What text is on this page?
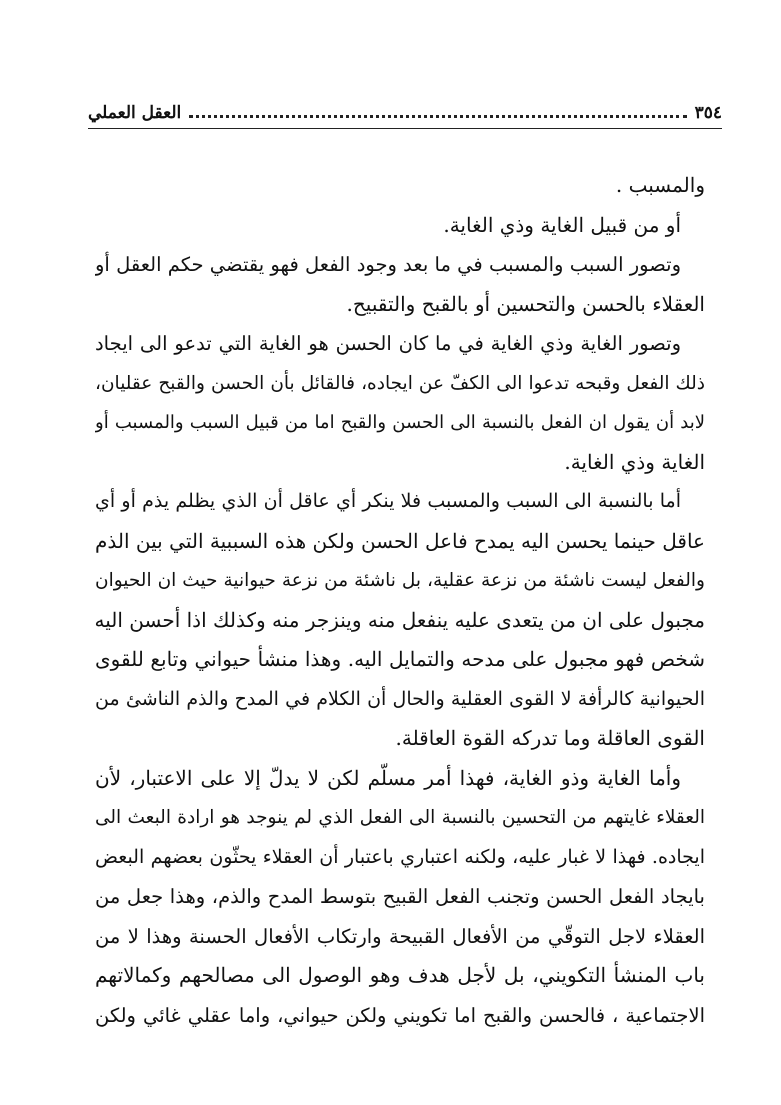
٣٥٤
العقل العملي
والمسبب .
أو من قبيل الغاية وذي الغاية.
وتصور السبب والمسبب في ما بعد وجود الفعل فهو يقتضي حكم العقل أو
العقلاء بالحسن والتحسين أو بالقبح والتقبيح.
وتصور الغاية وذي الغاية في ما كان الحسن هو الغاية التي تدعو الى ايجاد
ذلك الفعل وقبحه تدعوا الى الكفّ عن ايجاده، فالقائل بأن الحسن والقبح عقليان،
لابد أن يقول ان الفعل بالنسبة الى الحسن والقبح اما من قبيل السبب والمسبب أو
الغاية وذي الغاية.
أما بالنسبة الى السبب والمسبب فلا ينكر أي عاقل أن الذي يظلم يذم أو أي
عاقل حينما يحسن اليه يمدح فاعل الحسن ولكن هذه السببية التي بين الذم
والفعل ليست ناشئة من نزعة عقلية، بل ناشئة من نزعة حيوانية حيث ان الحيوان
مجبول على ان من يتعدى عليه ينفعل منه وينزجر منه وكذلك اذا أحسن اليه
شخص فهو مجبول على مدحه والتمايل اليه. وهذا منشأ حيواني وتابع للقوى
الحيوانية كالرأفة لا القوى العقلية والحال أن الكلام في المدح والذم الناشئ من
القوى العاقلة وما تدركه القوة العاقلة.
وأما الغاية وذو الغاية، فهذا أمر مسلّم لكن لا يدلّ إلا على الاعتبار، لأن
العقلاء غايتهم من التحسين بالنسبة الى الفعل الذي لم ينوجد هو ارادة البعث الى
ايجاده. فهذا لا غبار عليه، ولكنه اعتباري باعتبار أن العقلاء يحثّون بعضهم البعض
بايجاد الفعل الحسن وتجنب الفعل القبيح بتوسط المدح والذم، وهذا جعل من
العقلاء لاجل التوقّي من الأفعال القبيحة وارتكاب الأفعال الحسنة وهذا لا من
باب المنشأ التكويني، بل لأجل هدف وهو الوصول الى مصالحهم وكمالاتهم
الاجتماعية ، فالحسن والقبح اما تكويني ولكن حيواني، واما عقلي غائي ولكن
